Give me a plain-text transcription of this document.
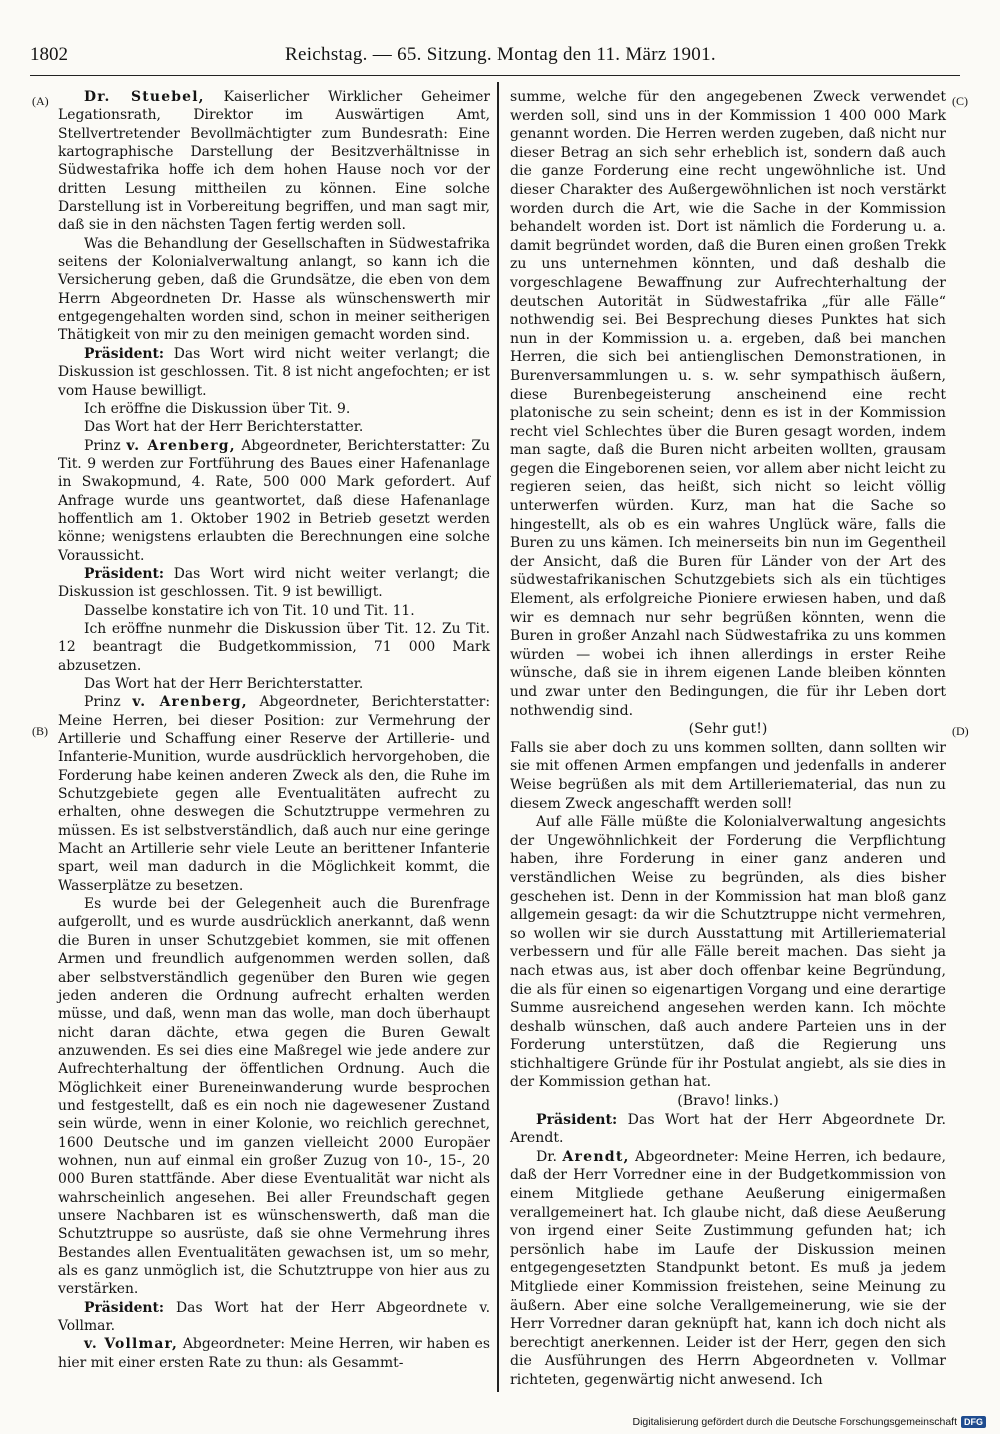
1802	Reichstag. — 65. Sitzung. Montag den 11. März 1901.
(A)
(B)
(C)
(D)

Dr. Stuebel, Kaiserlicher Wirklicher Geheimer Legationsrath, Direktor im Auswärtigen Amt, Stellvertretender Bevollmächtigter zum Bundesrath: Eine kartographische Darstellung der Besitzverhältnisse in Südwestafrika hoffe ich dem hohen Hause noch vor der dritten Lesung mittheilen zu können. Eine solche Darstellung ist in Vorbereitung begriffen, und man sagt mir, daß sie in den nächsten Tagen fertig werden soll.

Was die Behandlung der Gesellschaften in Südwestafrika seitens der Kolonialverwaltung anlangt, so kann ich die Versicherung geben, daß die Grundsätze, die eben von dem Herrn Abgeordneten Dr. Hasse als wünschenswerth mir entgegengehalten worden sind, schon in meiner seitherigen Thätigkeit von mir zu den meinigen gemacht worden sind.

Präsident: Das Wort wird nicht weiter verlangt; die Diskussion ist geschlossen. Tit. 8 ist nicht angefochten; er ist vom Hause bewilligt.

Ich eröffne die Diskussion über Tit. 9.

Das Wort hat der Herr Berichterstatter.

Prinz v. Arenberg, Abgeordneter, Berichterstatter: Zu Tit. 9 werden zur Fortführung des Baues einer Hafenanlage in Swakopmund, 4. Rate, 500 000 Mark gefordert. Auf Anfrage wurde uns geantwortet, daß diese Hafenanlage hoffentlich am 1. Oktober 1902 in Betrieb gesetzt werden könne; wenigstens erlaubten die Berechnungen eine solche Voraussicht.

Präsident: Das Wort wird nicht weiter verlangt; die Diskussion ist geschlossen. Tit. 9 ist bewilligt.

Dasselbe konstatire ich von Tit. 10 und Tit. 11.

Ich eröffne nunmehr die Diskussion über Tit. 12. Zu Tit. 12 beantragt die Budgetkommission, 71 000 Mark abzusetzen.

Das Wort hat der Herr Berichterstatter.

Prinz v. Arenberg, Abgeordneter, Berichterstatter: Meine Herren, bei dieser Position: zur Vermehrung der Artillerie und Schaffung einer Reserve der Artillerie- und Infanterie-Munition, wurde ausdrücklich hervorgehoben, die Forderung habe keinen anderen Zweck als den, die Ruhe im Schutzgebiete gegen alle Eventualitäten aufrecht zu erhalten, ohne deswegen die Schutztruppe vermehren zu müssen. Es ist selbstverständlich, daß auch nur eine geringe Macht an Artillerie sehr viele Leute an berittener Infanterie spart, weil man dadurch in die Möglichkeit kommt, die Wasserplätze zu besetzen.

Es wurde bei der Gelegenheit auch die Burenfrage aufgerollt, und es wurde ausdrücklich anerkannt, daß wenn die Buren in unser Schutzgebiet kommen, sie mit offenen Armen und freundlich aufgenommen werden sollen, daß aber selbstverständlich gegenüber den Buren wie gegen jeden anderen die Ordnung aufrecht erhalten werden müsse, und daß, wenn man das wolle, man doch überhaupt nicht daran dächte, etwa gegen die Buren Gewalt anzuwenden. Es sei dies eine Maßregel wie jede andere zur Aufrechterhaltung der öffentlichen Ordnung. Auch die Möglichkeit einer Bureneinwanderung wurde besprochen und festgestellt, daß es ein noch nie dagewesener Zustand sein würde, wenn in einer Kolonie, wo reichlich gerechnet, 1600 Deutsche und im ganzen vielleicht 2000 Europäer wohnen, nun auf einmal ein großer Zuzug von 10-, 15-, 20 000 Buren stattfände. Aber diese Eventualität war nicht als wahrscheinlich angesehen. Bei aller Freundschaft gegen unsere Nachbaren ist es wünschenswerth, daß man die Schutztruppe so ausrüste, daß sie ohne Vermehrung ihres Bestandes allen Eventualitäten gewachsen ist, um so mehr, als es ganz unmöglich ist, die Schutztruppe von hier aus zu verstärken.

Präsident: Das Wort hat der Herr Abgeordnete v. Vollmar.

v. Vollmar, Abgeordneter: Meine Herren, wir haben es hier mit einer ersten Rate zu thun: als Gesammt-

summe, welche für den angegebenen Zweck verwendet werden soll, sind uns in der Kommission 1 400 000 Mark genannt worden. Die Herren werden zugeben, daß nicht nur dieser Betrag an sich sehr erheblich ist, sondern daß auch die ganze Forderung eine recht ungewöhnliche ist. Und dieser Charakter des Außergewöhnlichen ist noch verstärkt worden durch die Art, wie die Sache in der Kommission behandelt worden ist. Dort ist nämlich die Forderung u. a. damit begründet worden, daß die Buren einen großen Trekk zu uns unternehmen könnten, und daß deshalb die vorgeschlagene Bewaffnung zur Aufrechterhaltung der deutschen Autorität in Südwestafrika „für alle Fälle“ nothwendig sei. Bei Besprechung dieses Punktes hat sich nun in der Kommission u. a. ergeben, daß bei manchen Herren, die sich bei antienglischen Demonstrationen, in Burenversammlungen u. s. w. sehr sympathisch äußern, diese Burenbegeisterung anscheinend eine recht platonische zu sein scheint; denn es ist in der Kommission recht viel Schlechtes über die Buren gesagt worden, indem man sagte, daß die Buren nicht arbeiten wollten, grausam gegen die Eingeborenen seien, vor allem aber nicht leicht zu regieren seien, das heißt, sich nicht so leicht völlig unterwerfen würden. Kurz, man hat die Sache so hingestellt, als ob es ein wahres Unglück wäre, falls die Buren zu uns kämen. Ich meinerseits bin nun im Gegentheil der Ansicht, daß die Buren für Länder von der Art des südwestafrikanischen Schutzgebiets sich als ein tüchtiges Element, als erfolgreiche Pioniere erwiesen haben, und daß wir es demnach nur sehr begrüßen könnten, wenn die Buren in großer Anzahl nach Südwestafrika zu uns kommen würden — wobei ich ihnen allerdings in erster Reihe wünsche, daß sie in ihrem eigenen Lande bleiben könnten und zwar unter den Bedingungen, die für ihr Leben dort nothwendig sind.

(Sehr gut!)

Falls sie aber doch zu uns kommen sollten, dann sollten wir sie mit offenen Armen empfangen und jedenfalls in anderer Weise begrüßen als mit dem Artilleriematerial, das nun zu diesem Zweck angeschafft werden soll!

Auf alle Fälle müßte die Kolonialverwaltung angesichts der Ungewöhnlichkeit der Forderung die Verpflichtung haben, ihre Forderung in einer ganz anderen und verständlichen Weise zu begründen, als dies bisher geschehen ist. Denn in der Kommission hat man bloß ganz allgemein gesagt: da wir die Schutztruppe nicht vermehren, so wollen wir sie durch Ausstattung mit Artilleriematerial verbessern und für alle Fälle bereit machen. Das sieht ja nach etwas aus, ist aber doch offenbar keine Begründung, die als für einen so eigenartigen Vorgang und eine derartige Summe ausreichend angesehen werden kann. Ich möchte deshalb wünschen, daß auch andere Parteien uns in der Forderung unterstützen, daß die Regierung uns stichhaltigere Gründe für ihr Postulat angiebt, als sie dies in der Kommission gethan hat.

(Bravo! links.)

Präsident: Das Wort hat der Herr Abgeordnete Dr. Arendt.

Dr. Arendt, Abgeordneter: Meine Herren, ich bedaure, daß der Herr Vorredner eine in der Budgetkommission von einem Mitgliede gethane Aeußerung einigermaßen verallgemeinert hat. Ich glaube nicht, daß diese Aeußerung von irgend einer Seite Zustimmung gefunden hat; ich persönlich habe im Laufe der Diskussion meinen entgegengesetzten Standpunkt betont. Es muß ja jedem Mitgliede einer Kommission freistehen, seine Meinung zu äußern. Aber eine solche Verallgemeinerung, wie sie der Herr Vorredner daran geknüpft hat, kann ich doch nicht als berechtigt anerkennen. Leider ist der Herr, gegen den sich die Ausführungen des Herrn Abgeordneten v. Vollmar richteten, gegenwärtig nicht anwesend. Ich

Digitalisierung gefördert durch die Deutsche Forschungsgemeinschaft DFG
